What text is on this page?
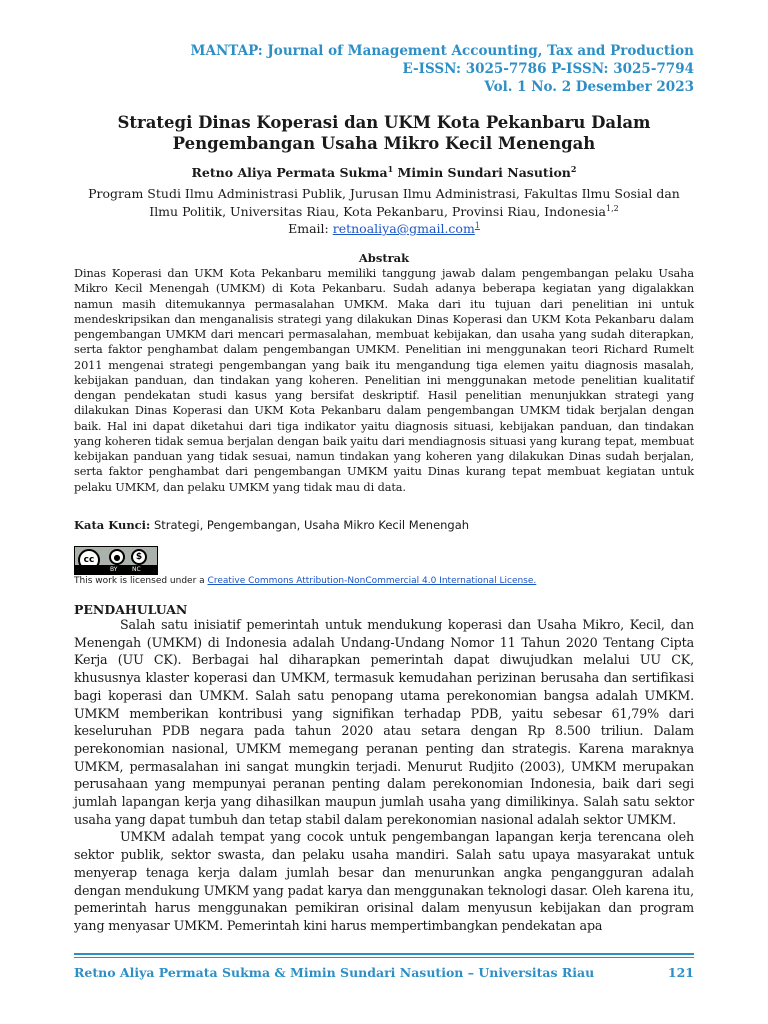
MANTAP: Journal of Management Accounting, Tax and Production
E-ISSN: 3025-7786 P-ISSN: 3025-7794
Vol. 1 No. 2 Desember 2023
Strategi Dinas Koperasi dan UKM Kota Pekanbaru Dalam
Pengembangan Usaha Mikro Kecil Menengah
Retno Aliya Permata Sukma$^1$ Mimin Sundari Nasution$^2$
Program Studi Ilmu Administrasi Publik, Jurusan Ilmu Administrasi, Fakultas Ilmu Sosial dan
Ilmu Politik, Universitas Riau, Kota Pekanbaru, Provinsi Riau, Indonesia$^{1,2}$
Email: retnoaliya@gmail.com$^1$
Abstrak
Dinas Koperasi dan UKM Kota Pekanbaru memiliki tanggung jawab dalam pengembangan pelaku Usaha Mikro Kecil Menengah (UMKM) di Kota Pekanbaru. Sudah adanya beberapa kegiatan yang digalakkan namun masih ditemukannya permasalahan UMKM. Maka dari itu tujuan dari penelitian ini untuk mendeskripsikan dan menganalisis strategi yang dilakukan Dinas Koperasi dan UKM Kota Pekanbaru dalam pengembangan UMKM dari mencari permasalahan, membuat kebijakan, dan usaha yang sudah diterapkan, serta faktor penghambat dalam pengembangan UMKM. Penelitian ini menggunakan teori Richard Rumelt 2011 mengenai strategi pengembangan yang baik itu mengandung tiga elemen yaitu diagnosis masalah, kebijakan panduan, dan tindakan yang koheren. Penelitian ini menggunakan metode penelitian kualitatif dengan pendekatan studi kasus yang bersifat deskriptif. Hasil penelitian menunjukkan strategi yang dilakukan Dinas Koperasi dan UKM Kota Pekanbaru dalam pengembangan UMKM tidak berjalan dengan baik. Hal ini dapat diketahui dari tiga indikator yaitu diagnosis situasi, kebijakan panduan, dan tindakan yang koheren tidak semua berjalan dengan baik yaitu dari mendiagnosis situasi yang kurang tepat, membuat kebijakan panduan yang tidak sesuai, namun tindakan yang koheren yang dilakukan Dinas sudah berjalan, serta faktor penghambat dari pengembangan UMKM yaitu Dinas kurang tepat membuat kegiatan untuk pelaku UMKM, dan pelaku UMKM yang tidak mau di data.
Kata Kunci: Strategi, Pengembangan, Usaha Mikro Kecil Menengah
cc	●	$
BY NC
This work is licensed under a Creative Commons Attribution-NonCommercial 4.0 International License.
PENDAHULUAN

Salah satu inisiatif pemerintah untuk mendukung koperasi dan Usaha Mikro, Kecil, dan Menengah (UMKM) di Indonesia adalah Undang-Undang Nomor 11 Tahun 2020 Tentang Cipta Kerja (UU CK). Berbagai hal diharapkan pemerintah dapat diwujudkan melalui UU CK, khususnya klaster koperasi dan UMKM, termasuk kemudahan perizinan berusaha dan sertifikasi bagi koperasi dan UMKM. Salah satu penopang utama perekonomian bangsa adalah UMKM. UMKM memberikan kontribusi yang signifikan terhadap PDB, yaitu sebesar 61,79% dari keseluruhan PDB negara pada tahun 2020 atau setara dengan Rp 8.500 triliun. Dalam perekonomian nasional, UMKM memegang peranan penting dan strategis. Karena maraknya UMKM, permasalahan ini sangat mungkin terjadi. Menurut Rudjito (2003), UMKM merupakan perusahaan yang mempunyai peranan penting dalam perekonomian Indonesia, baik dari segi jumlah lapangan kerja yang dihasilkan maupun jumlah usaha yang dimilikinya. Salah satu sektor usaha yang dapat tumbuh dan tetap stabil dalam perekonomian nasional adalah sektor UMKM.

UMKM adalah tempat yang cocok untuk pengembangan lapangan kerja terencana oleh sektor publik, sektor swasta, dan pelaku usaha mandiri. Salah satu upaya masyarakat untuk menyerap tenaga kerja dalam jumlah besar dan menurunkan angka pengangguran adalah dengan mendukung UMKM yang padat karya dan menggunakan teknologi dasar. Oleh karena itu, pemerintah harus menggunakan pemikiran orisinal dalam menyusun kebijakan dan program yang menyasar UMKM. Pemerintah kini harus mempertimbangkan pendekatan apa

Retno Aliya Permata Sukma & Mimin Sundari Nasution – Universitas Riau	121
